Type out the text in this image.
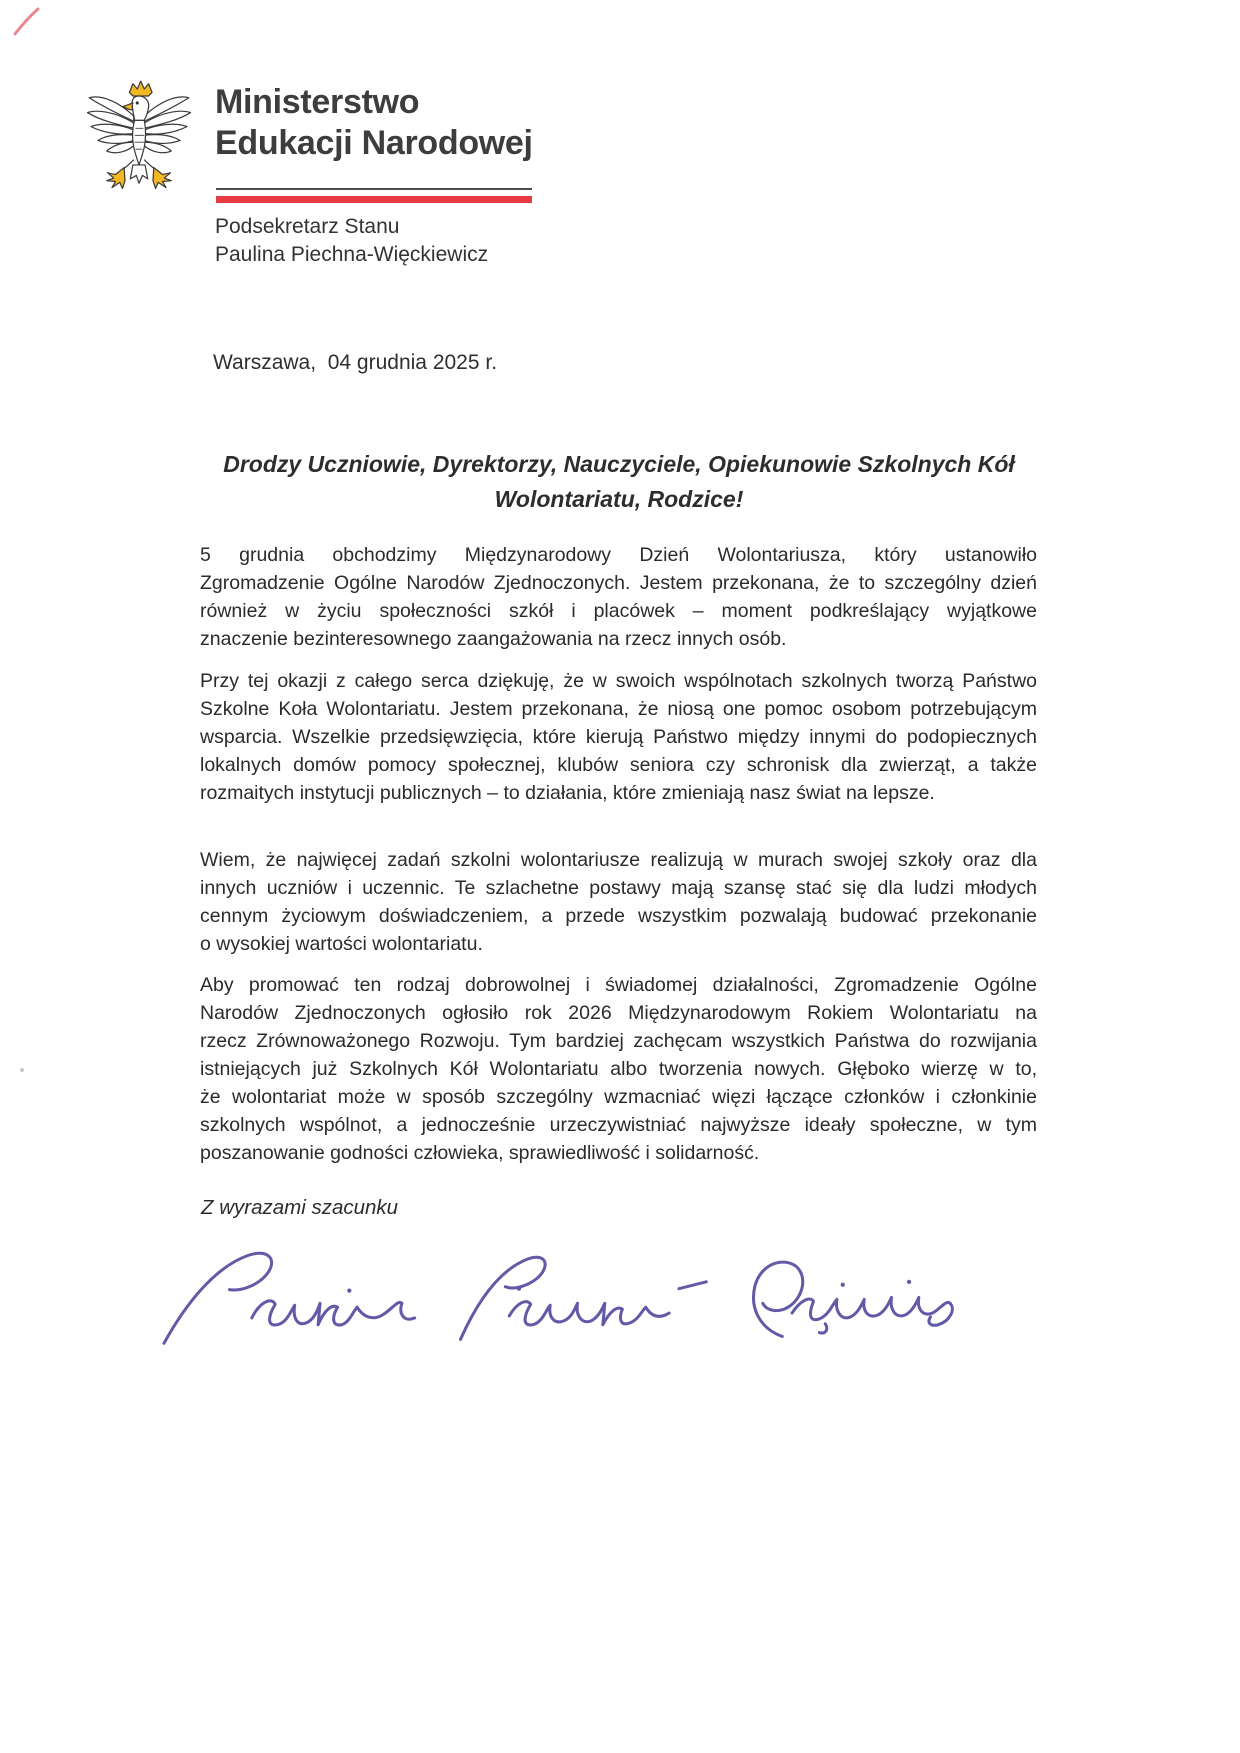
Ministerstwo
Edukacji Narodowej
Podsekretarz Stanu
Paulina Piechna-Więckiewicz
Warszawa,  04 grudnia 2025 r.
Drodzy Uczniowie, Dyrektorzy, Nauczyciele, Opiekunowie Szkolnych Kół
Wolontariatu, Rodzice!
5 grudnia obchodzimy Międzynarodowy Dzień Wolontariusza, który ustanowiło
Zgromadzenie Ogólne Narodów Zjednoczonych. Jestem przekonana, że to szczególny dzień
również w życiu społeczności szkół i placówek – moment podkreślający wyjątkowe
znaczenie bezinteresownego zaangażowania na rzecz innych osób.
Przy tej okazji z całego serca dziękuję, że w swoich wspólnotach szkolnych tworzą Państwo
Szkolne Koła Wolontariatu. Jestem przekonana, że niosą one pomoc osobom potrzebującym
wsparcia. Wszelkie przedsięwzięcia, które kierują Państwo między innymi do podopiecznych
lokalnych domów pomocy społecznej, klubów seniora czy schronisk dla zwierząt, a także
rozmaitych instytucji publicznych – to działania, które zmieniają nasz świat na lepsze.
Wiem, że najwięcej zadań szkolni wolontariusze realizują w murach swojej szkoły oraz dla
innych uczniów i uczennic. Te szlachetne postawy mają szansę stać się dla ludzi młodych
cennym życiowym doświadczeniem, a przede wszystkim pozwalają budować przekonanie
o wysokiej wartości wolontariatu.
Aby promować ten rodzaj dobrowolnej i świadomej działalności, Zgromadzenie Ogólne
Narodów Zjednoczonych ogłosiło rok 2026 Międzynarodowym Rokiem Wolontariatu na
rzecz Zrównoważonego Rozwoju. Tym bardziej zachęcam wszystkich Państwa do rozwijania
istniejących już Szkolnych Kół Wolontariatu albo tworzenia nowych. Głęboko wierzę w to,
że wolontariat może w sposób szczególny wzmacniać więzi łączące członków i członkinie
szkolnych wspólnot, a jednocześnie urzeczywistniać najwyższe ideały społeczne, w tym
poszanowanie godności człowieka, sprawiedliwość i solidarność.
Z wyrazami szacunku
